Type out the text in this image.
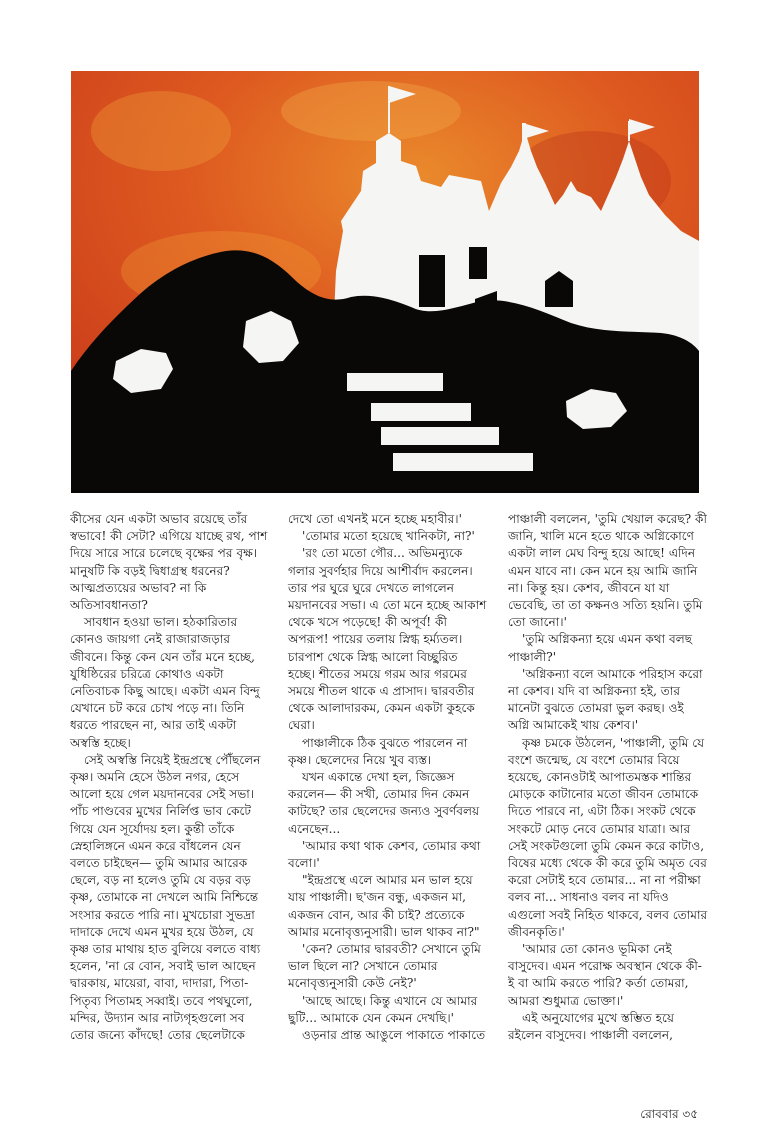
কীসের যেন একটা অভাব রয়েছে তাঁর স্বভাবে! কী সেটা? এগিয়ে যাচ্ছে রথ, পাশ দিয়ে সারে সারে চলেছে বৃক্ষের পর বৃক্ষ। মানুষটি কি বড়ই দ্বিধাগ্রস্থ ধরনের? আত্মপ্রত্যয়ের অভাব? না কি অতিসাবধানতা?

সাবধান হওয়া ভাল। হঠকারিতার কোনও জায়গা নেই রাজারাজড়ার জীবনে। কিন্তু কেন যেন তাঁর মনে হচ্ছে, যুধিষ্ঠিরের চরিত্রে কোথাও একটা নেতিবাচক কিছু আছে। একটা এমন বিন্দু যেখানে চট করে চোখ পড়ে না। তিনি ধরতে পারছেন না, আর তাই একটা অস্বস্তি হচ্ছে।

সেই অস্বস্তি নিয়েই ইন্দ্রপ্রস্থে পৌঁছলেন কৃষ্ণ। অমনি হেসে উঠল নগর, হেসে আলো হয়ে গেল ময়দানবের সেই সভা। পাঁচ পাণ্ডবের মুখের নির্লিপ্ত ভাব কেটে গিয়ে যেন সূর্যোদয় হল। কুন্তী তাঁকে স্নেহালিঙ্গনে এমন করে বাঁধলেন যেন বলতে চাইছেন— তুমি আমার আরেক ছেলে, বড় না হলেও তুমি যে বড়র বড় কৃষ্ণ, তোমাকে না দেখলে আমি নিশ্চিন্তে সংসার করতে পারি না। মুখচোরা সুভদ্রা দাদাকে দেখে এমন মুখর হয়ে উঠল, যে কৃষ্ণ তার মাথায় হাত বুলিয়ে বলতে বাধ্য হলেন, 'না রে বোন, সবাই ভাল আছেন দ্বারকায়, মায়েরা, বাবা, দাদারা, পিতা-পিতৃব্য পিতামহ সব্বাই। তবে পথঘুলো, মন্দির, উদ্যান আর নাট্যগৃহগুলো সব তোর জন্যে কাঁদছে! তোর ছেলেটাকে

দেখে তো এখনই মনে হচ্ছে মহাবীর।'

'তোমার মতো হয়েছে খানিকটা, না?'

'রং তো মতো গৌর... অভিমন্যুকে গলার সুবর্ণহার দিয়ে আশীর্বাদ করলেন। তার পর ঘুরে ঘুরে দেখতে লাগলেন ময়দানবের সভা। এ তো মনে হচ্ছে আকাশ থেকে খসে পড়েছে! কী অপূর্ব! কী অপরূপ! পায়ের তলায় স্নিগ্ধ হর্ম্যতল। চারপাশ থেকে স্নিগ্ধ আলো বিচ্ছুরিত হচ্ছে। শীতের সময়ে গরম আর গরমের সময়ে শীতল থাকে এ প্রাসাদ। দ্বারবতীর থেকে আলাদারকম, কেমন একটা কুহকে ঘেরা।

পাঞ্চালীকে ঠিক বুঝতে পারলেন না কৃষ্ণ। ছেলেদের নিয়ে খুব ব্যস্ত।

যখন একান্তে দেখা হল, জিজ্ঞেস করলেন— কী সখী, তোমার দিন কেমন কাটছে? তার ছেলেদের জন্যও সুবর্ণবলয় এনেছেন...

'আমার কথা থাক কেশব, তোমার কথা বলো।'

"ইন্দ্রপ্রস্থে এলে আমার মন ভাল হয়ে যায় পাঞ্চালী। ছ'জন বন্ধু, একজন মা, একজন বোন, আর কী চাই? প্রত্যেকে আমার মনোবৃত্ত্যনুসারী। ভাল থাকব না?"

'কেন? তোমার দ্বারবতী? সেখানে তুমি ভাল ছিলে না? সেখানে তোমার মনোবৃত্ত্যনুসারী কেউ নেই?'

'আছে আছে। কিন্তু এখানে যে আমার ছুটি... আমাকে যেন কেমন দেখছি।'

ওড়নার প্রান্ত আঙুলে পাকাতে পাকাতে

পাঞ্চালী বললেন, 'তুমি খেয়াল করেছ? কী জানি, খালি মনে হতে থাকে অগ্নিকোণে একটা লাল মেঘ বিন্দু হয়ে আছে! এদিন এমন যাবে না। কেন মনে হয় আমি জানি না। কিন্তু হয়। কেশব, জীবনে যা যা ভেবেছি, তা তা কক্ষনও সত্যি হয়নি। তুমি তো জানো।'

'তুমি অগ্নিকন্যা হয়ে এমন কথা বলছ পাঞ্চালী?'

'অগ্নিকন্যা বলে আমাকে পরিহাস করো না কেশব। যদি বা অগ্নিকন্যা হই, তার মানেটা বুঝতে তোমরা ভুল করছ। ওই অগ্নি আমাকেই খায় কেশব।'

কৃষ্ণ চমকে উঠলেন, 'পাঞ্চালী, তুমি যে বংশে জন্মেছ, যে বংশে তোমার বিয়ে হয়েছে, কোনওটাই আপাতমস্তক শান্তির মোড়কে কাটানোর মতো জীবন তোমাকে দিতে পারবে না, এটা ঠিক। সংকট থেকে সংকটে মোড় নেবে তোমার যাত্রা। আর সেই সংকটগুলো তুমি কেমন করে কাটাও, বিষের মধ্যে থেকে কী করে তুমি অমৃত বের করো সেটাই হবে তোমার... না না পরীক্ষা বলব না... সাধনাও বলব না যদিও এগুলো সবই নিহিত থাকবে, বলব তোমার জীবনকৃতি।'

'আমার তো কোনও ভূমিকা নেই বাসুদেব। এমন পরোক্ষ অবস্থান থেকে কী-ই বা আমি করতে পারি? কর্তা তোমরা, আমরা শুধুমাত্র ভোক্তা।'

এই অনুযোগের মুখে স্তম্ভিত হয়ে রইলেন বাসুদেব। পাঞ্চালী বললেন,

রোববার ৩৫
